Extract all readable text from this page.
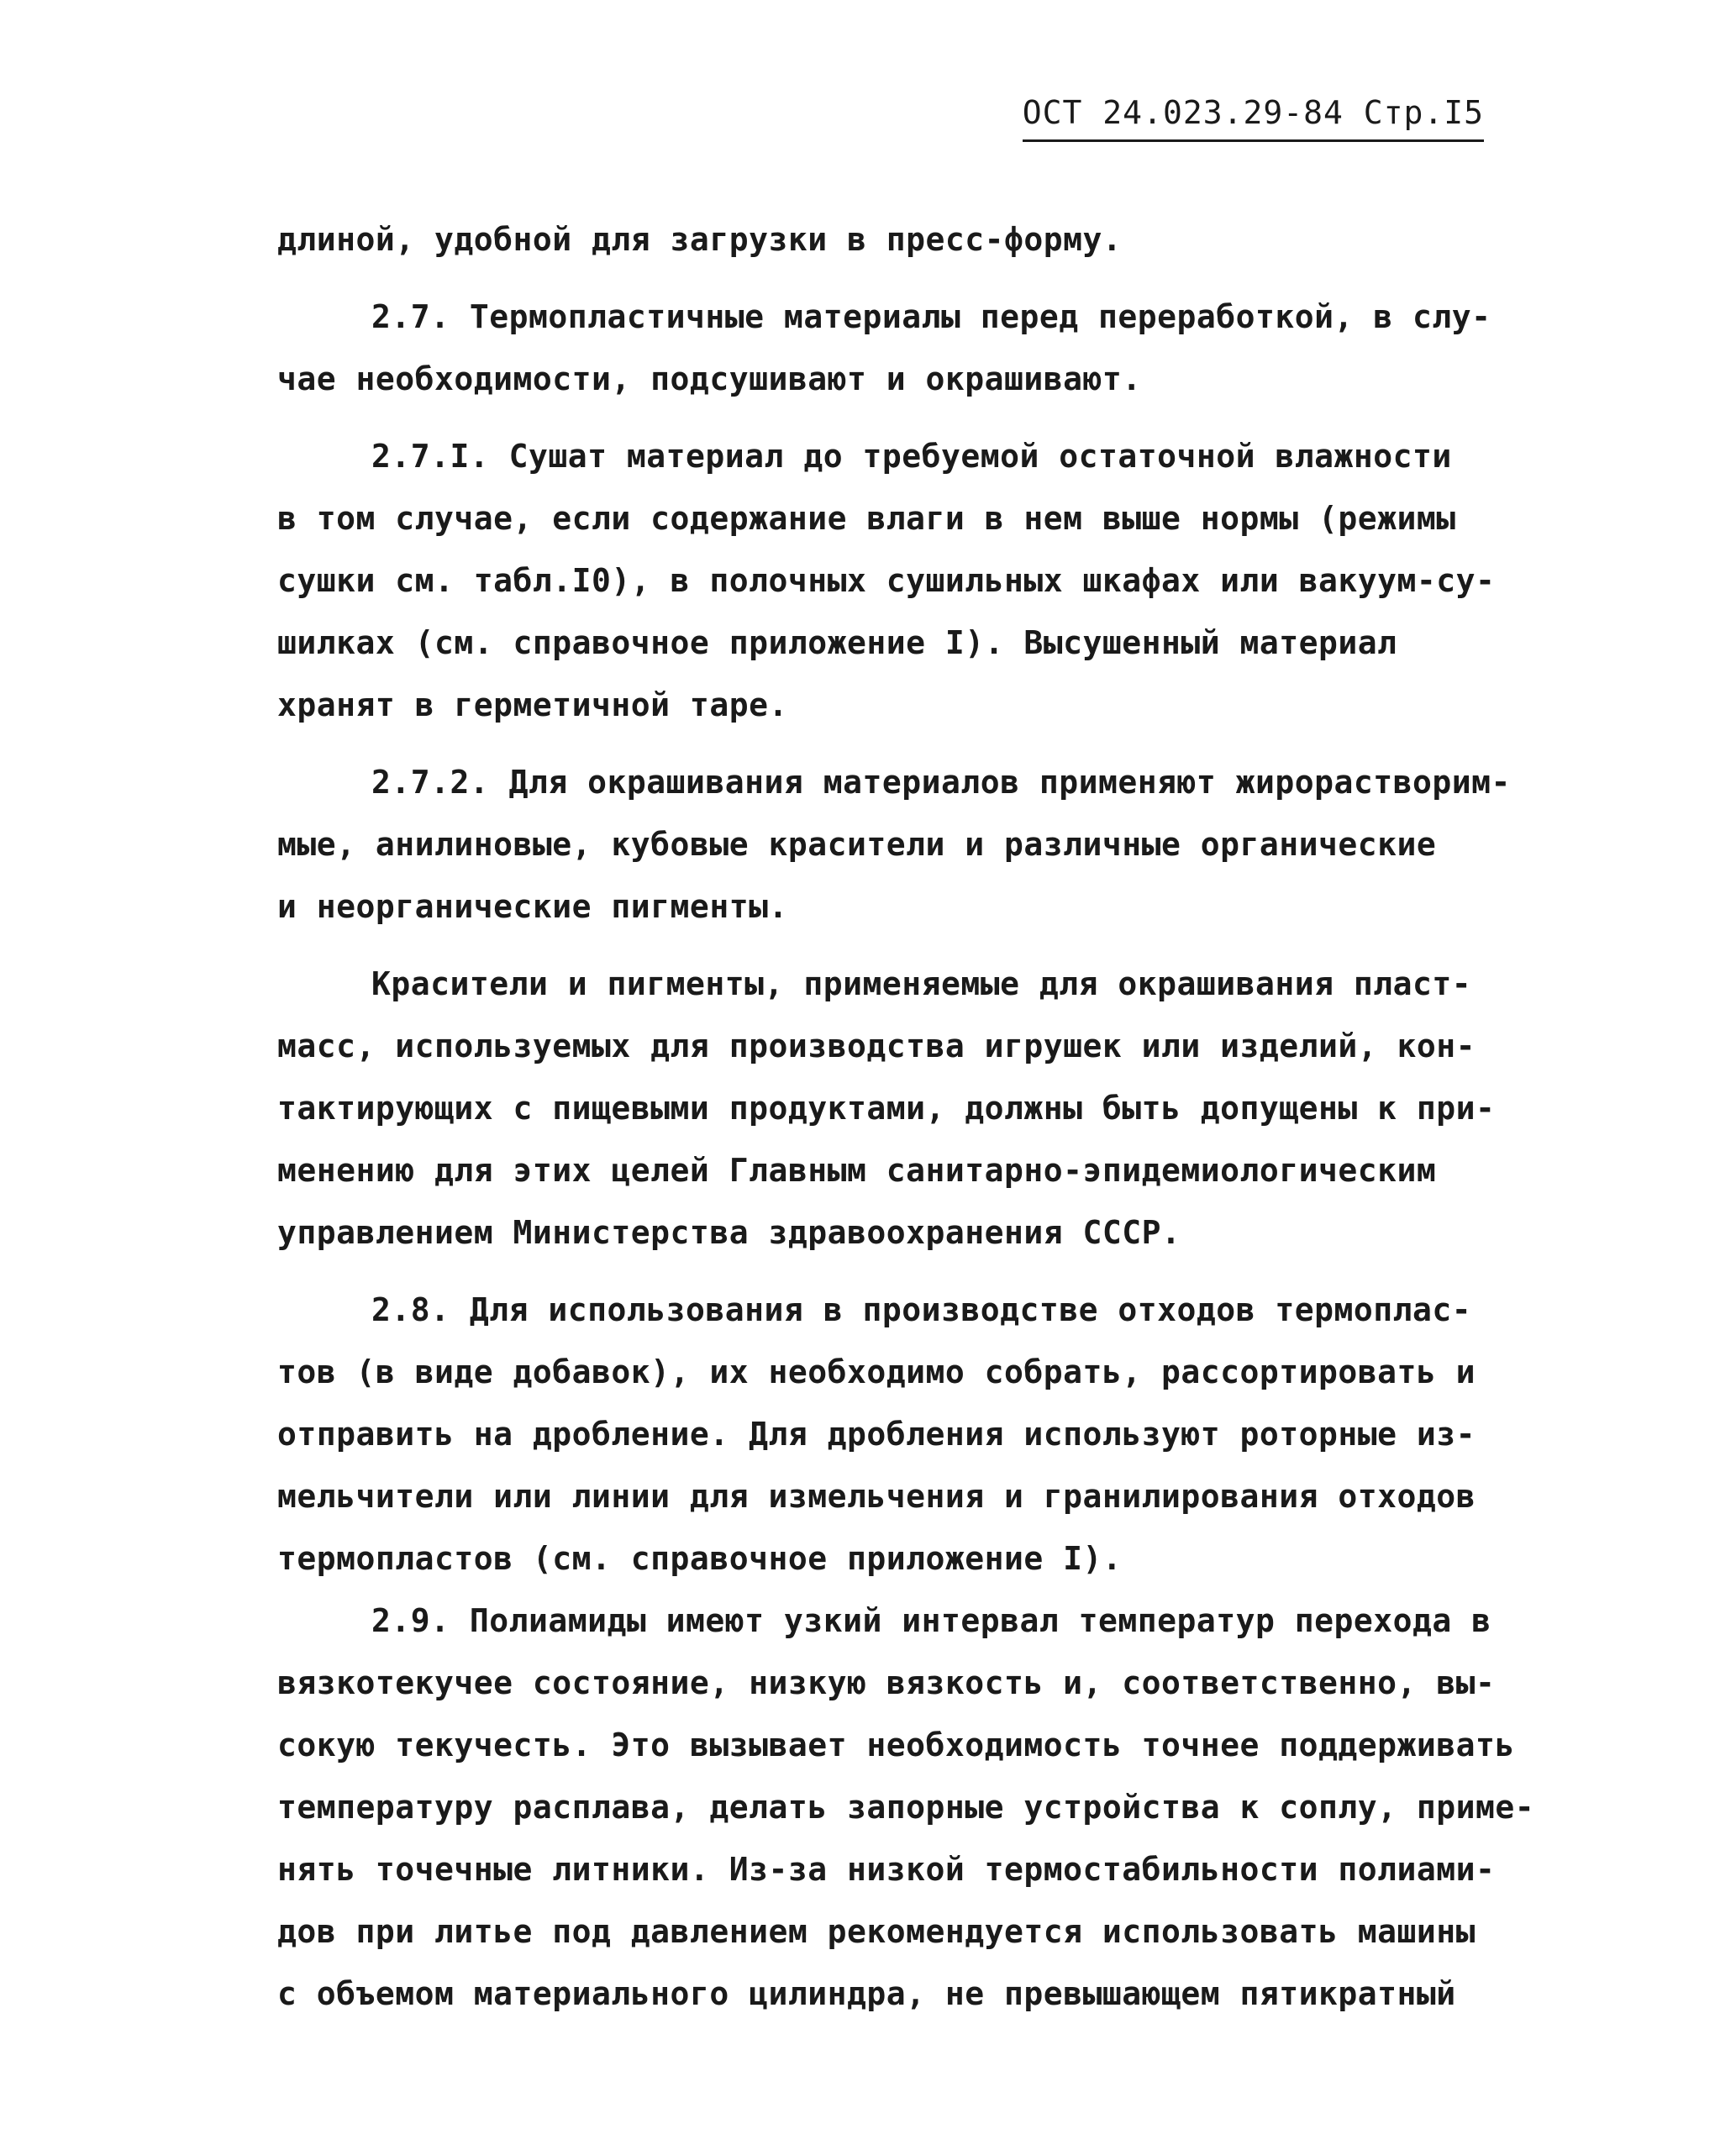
ОСТ 24.023.29-84 Стр.I5
длиной, удобной для загрузки в пресс-форму.
2.7. Термопластичные материалы перед переработкой, в слу-
чае необходимости, подсушивают и окрашивают.
2.7.I. Сушат материал до требуемой остаточной влажности
в том случае, если содержание влаги в нем выше нормы (режимы
сушки см. табл.I0), в полочных сушильных шкафах или вакуум-су-
шилках (см. справочное приложение I). Высушенный материал
хранят в герметичной таре.
2.7.2. Для окрашивания материалов применяют жирорастворим-
мые, анилиновые, кубовые красители и различные органические
и неорганические пигменты.
Красители и пигменты, применяемые для окрашивания пласт-
масс, используемых для производства игрушек или изделий, кон-
тактирующих с пищевыми продуктами, должны быть допущены к при-
менению для этих целей Главным санитарно-эпидемиологическим
управлением Министерства здравоохранения СССР.
2.8. Для использования в производстве отходов термоплас-
тов (в виде добавок), их необходимо собрать, рассортировать и
отправить на дробление. Для дробления используют роторные из-
мельчители или линии для измельчения и гранилирования отходов
термопластов (см. справочное приложение I).
2.9. Полиамиды имеют узкий интервал температур перехода в
вязкотекучее состояние, низкую вязкость и, соответственно, вы-
сокую текучесть. Это вызывает необходимость точнее поддерживать
температуру расплава, делать запорные устройства к соплу, приме-
нять точечные литники. Из-за низкой термостабильности полиами-
дов при литье под давлением рекомендуется использовать машины
с объемом материального цилиндра, не превышающем пятикратный
